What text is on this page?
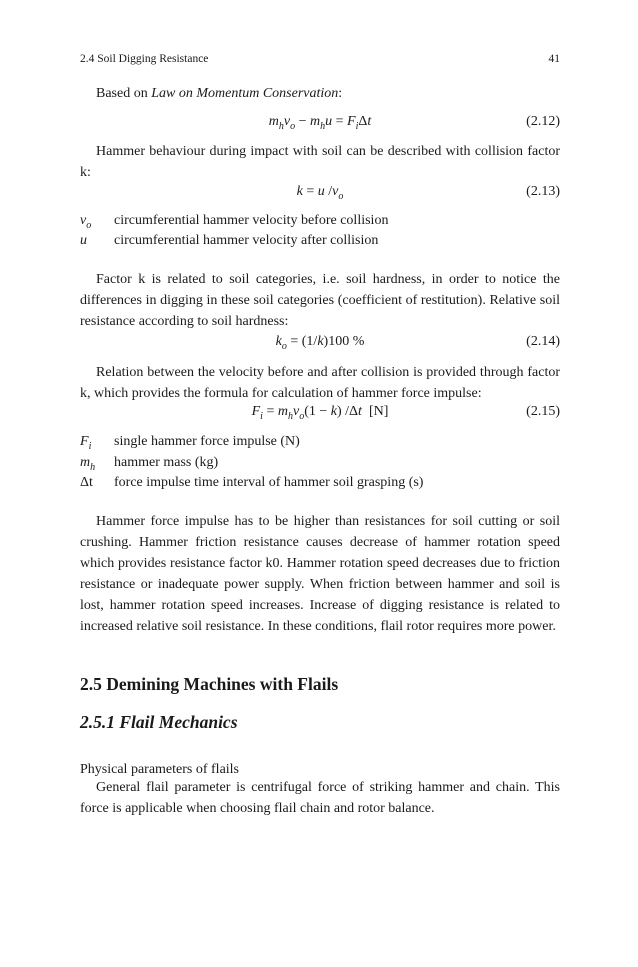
2.4 Soil Digging Resistance	41

Based on Law on Momentum Conservation:

$m_hv_o - m_hu = F_i\Delta t$	(2.12)

Hammer behaviour during impact with soil can be described with collision factor k:

k = u $/v_o$	(2.13)
$v_o$ circumferential hammer velocity before collision
u circumferential hammer velocity after collision

Factor k is related to soil categories, i.e. soil hardness, in order to notice the differences in digging in these soil categories (coefficient of restitution). Relative soil resistance according to soil hardness:

$k_o = (1/k)100$ %	(2.14)

Relation between the velocity before and after collision is provided through factor k, which provides the formula for calculation of hammer force impulse:

$F_i = m_hv_o(1 - k)$ /Δt  [N]	(2.15)
$F_i$ single hammer force impulse (N)
$m_h$ hammer mass (kg)
Δt force impulse time interval of hammer soil grasping (s)

Hammer force impulse has to be higher than resistances for soil cutting or soil crushing. Hammer friction resistance causes decrease of hammer rotation speed which provides resistance factor k0. Hammer rotation speed decreases due to friction resistance or inadequate power supply. When friction between hammer and soil is lost, hammer rotation speed increases. Increase of digging resistance is related to increased relative soil resistance. In these conditions, flail rotor requires more power.

2.5 Demining Machines with Flails
2.5.1 Flail Mechanics

Physical parameters of flails

General flail parameter is centrifugal force of striking hammer and chain. This force is applicable when choosing flail chain and rotor balance.
